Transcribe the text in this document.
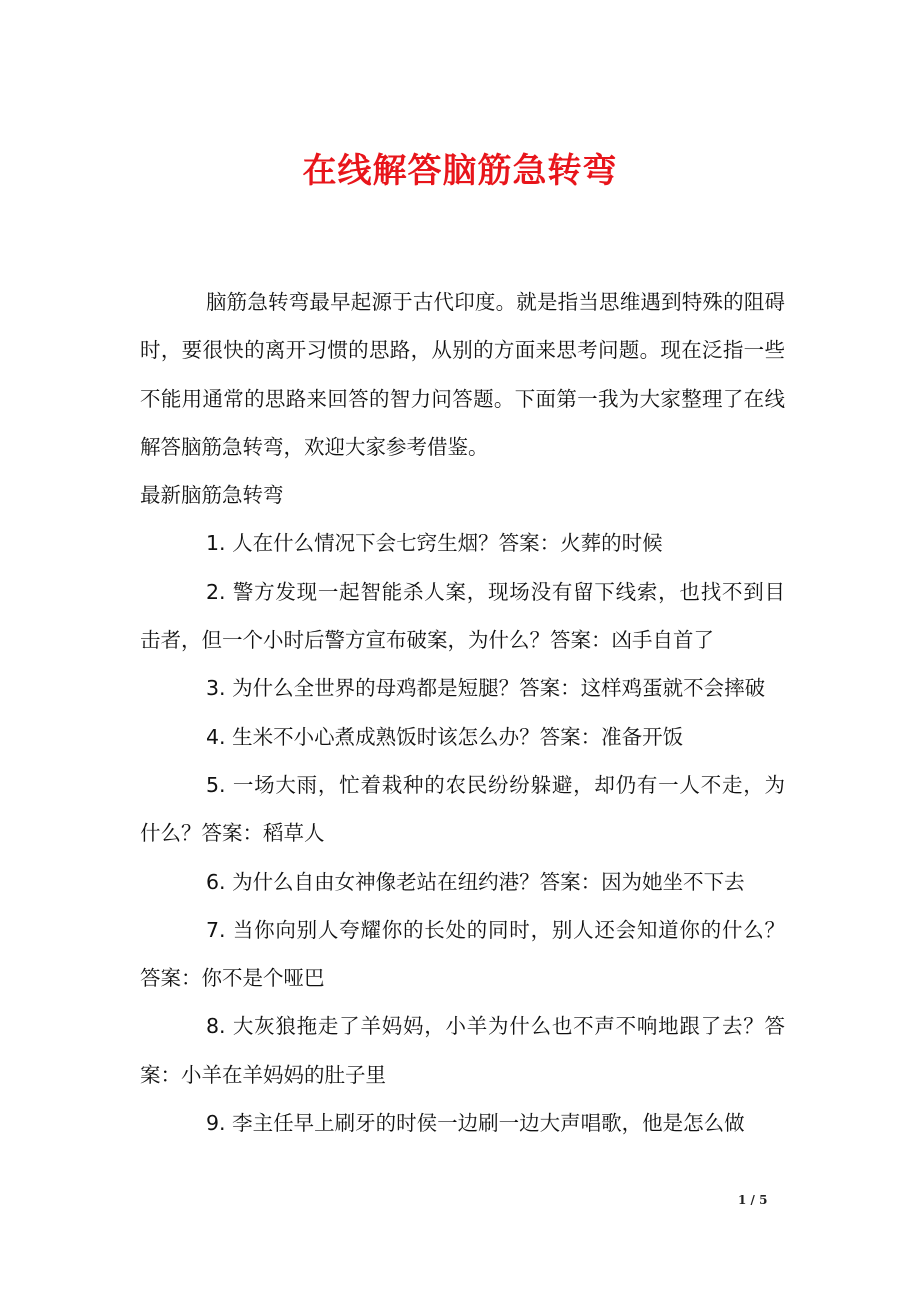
在线解答脑筋急转弯

脑筋急转弯最早起源于古代印度。就是指当思维遇到特殊的阻碍时，要很快的离开习惯的思路，从别的方面来思考问题。现在泛指一些不能用通常的思路来回答的智力问答题。下面第一我为大家整理了在线解答脑筋急转弯，欢迎大家参考借鉴。

最新脑筋急转弯

1. 人在什么情况下会七窍生烟？答案：火葬的时候

2. 警方发现一起智能杀人案，现场没有留下线索，也找不到目击者，但一个小时后警方宣布破案，为什么？答案：凶手自首了

3. 为什么全世界的母鸡都是短腿？答案：这样鸡蛋就不会摔破

4. 生米不小心煮成熟饭时该怎么办？答案：准备开饭

5. 一场大雨，忙着栽种的农民纷纷躲避，却仍有一人不走，为什么？答案：稻草人

6. 为什么自由女神像老站在纽约港？答案：因为她坐不下去

7. 当你向别人夸耀你的长处的同时，别人还会知道你的什么？答案：你不是个哑巴

8. 大灰狼拖走了羊妈妈，小羊为什么也不声不响地跟了去？答案：小羊在羊妈妈的肚子里

9. 李主任早上刷牙的时侯一边刷一边大声唱歌，他是怎么做

1 / 5
